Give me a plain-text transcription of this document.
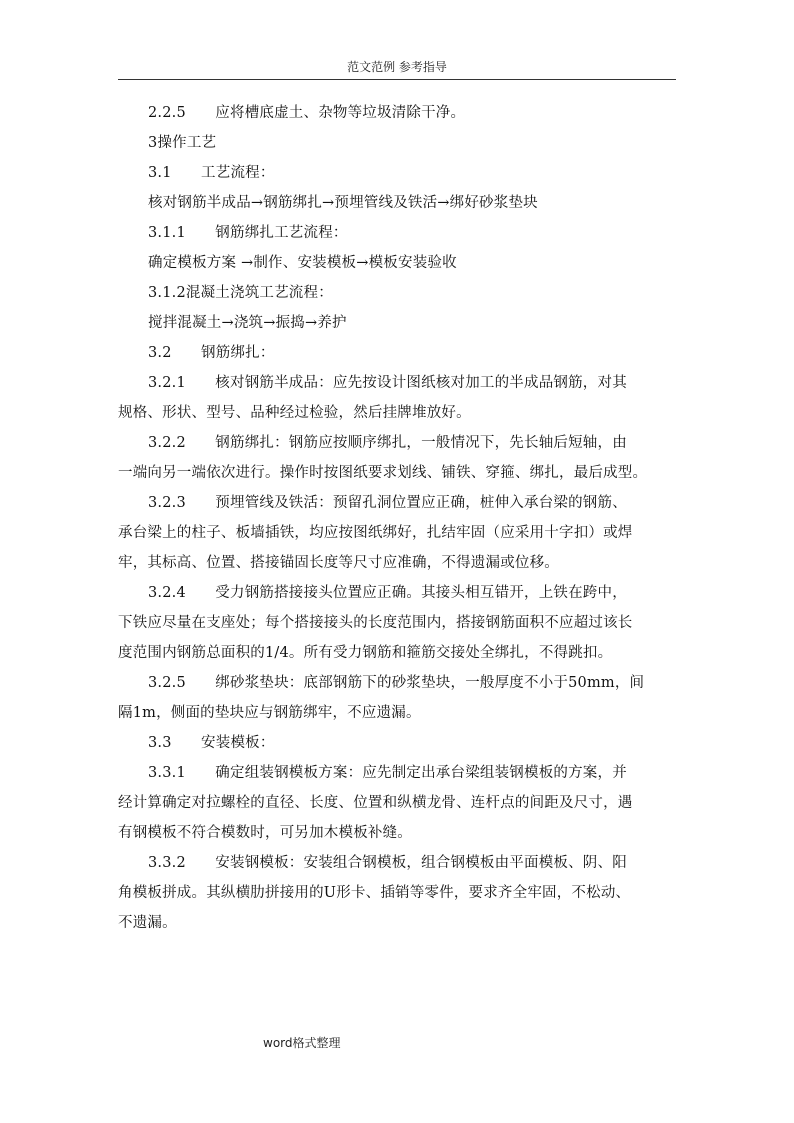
范文范例 参考指导
2.2.5　　应将槽底虚土、杂物等垃圾清除干净。
3操作工艺
3.1　　工艺流程：
核对钢筋半成品→钢筋绑扎→预埋管线及铁活→绑好砂浆垫块
3.1.1　　钢筋绑扎工艺流程：
确定模板方案 →制作、安装模板→模板安装验收
3.1.2混凝土浇筑工艺流程：
搅拌混凝土→浇筑→振捣→养护
3.2　　钢筋绑扎：
3.2.1　　核对钢筋半成品：应先按设计图纸核对加工的半成品钢筋，对其
规格、形状、型号、品种经过检验，然后挂牌堆放好。
3.2.2　　钢筋绑扎：钢筋应按顺序绑扎，一般情况下，先长轴后短轴，由
一端向另一端依次进行。操作时按图纸要求划线、铺铁、穿箍、绑扎，最后成型。
3.2.3　　预埋管线及铁活：预留孔洞位置应正确，桩伸入承台梁的钢筋、
承台梁上的柱子、板墙插铁，均应按图纸绑好，扎结牢固（应采用十字扣）或焊
牢，其标高、位置、搭接锚固长度等尺寸应准确，不得遗漏或位移。
3.2.4　　受力钢筋搭接接头位置应正确。其接头相互错开，上铁在跨中，
下铁应尽量在支座处；每个搭接接头的长度范围内，搭接钢筋面积不应超过该长
度范围内钢筋总面积的1/4。所有受力钢筋和箍筋交接处全绑扎，不得跳扣。
3.2.5　　绑砂浆垫块：底部钢筋下的砂浆垫块，一般厚度不小于50mm，间
隔1m，侧面的垫块应与钢筋绑牢，不应遗漏。
3.3　　安装模板：
3.3.1　　确定组装钢模板方案：应先制定出承台梁组装钢模板的方案，并
经计算确定对拉螺栓的直径、长度、位置和纵横龙骨、连杆点的间距及尺寸，遇
有钢模板不符合模数时，可另加木模板补缝。
3.3.2　　安装钢模板：安装组合钢模板，组合钢模板由平面模板、阴、阳
角模板拼成。其纵横肋拼接用的U形卡、插销等零件，要求齐全牢固，不松动、
不遗漏。
word格式整理
